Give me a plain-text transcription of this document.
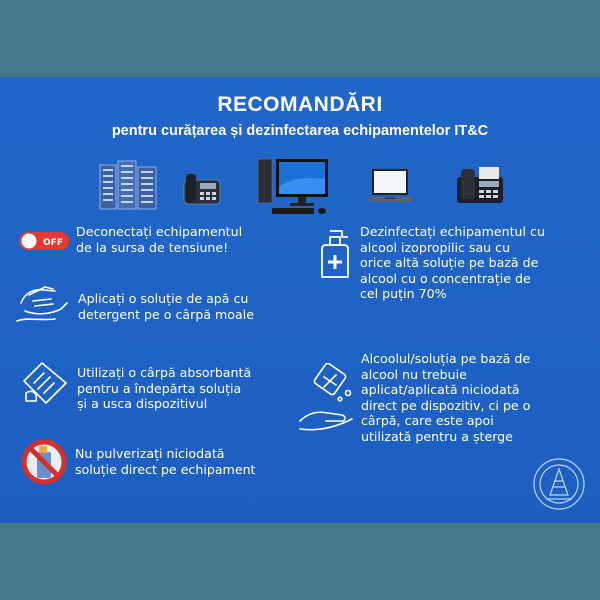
RECOMANDĂRI
pentru curățarea și dezinfectarea echipamentelor IT&C
OFF
Deconectați echipamentul
de la sursa de tensiune!
Aplicați o soluție de apă cu
detergent pe o cârpă moale
Utilizați o cârpă absorbantă
pentru a îndepărta soluția
și a usca dispozitivul
Nu pulverizați niciodată
soluție direct pe echipament
Dezinfectați echipamentul cu
alcool izopropilic sau cu
orice altă soluție pe bază de
alcool cu o concentrație de
cel puțin 70%
Alcoolul/soluția pe bază de
alcool nu trebuie
aplicat/aplicată niciodată
direct pe dispozitiv, ci pe o
cârpă, care este apoi
utilizată pentru a șterge
